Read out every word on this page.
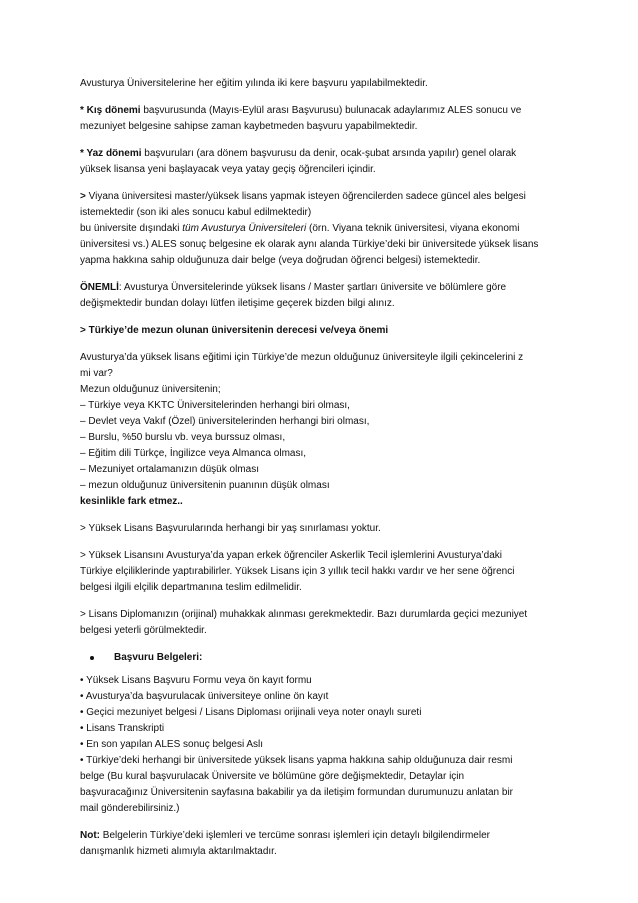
Avusturya Üniversitelerine her eğitim yılında iki kere başvuru yapılabilmektedir.

* Kış dönemi başvurusunda (Mayıs-Eylül arası Başvurusu) bulunacak adaylarımız ALES sonucu ve
mezuniyet belgesine sahipse zaman kaybetmeden başvuru yapabilmektedir.

* Yaz dönemi başvuruları (ara dönem başvurusu da denir, ocak-şubat arsında yapılır) genel olarak
yüksek lisansa yeni başlayacak veya yatay geçiş öğrencileri içindir.

> Viyana üniversitesi master/yüksek lisans yapmak isteyen öğrencilerden sadece güncel ales belgesi
istemektedir (son iki ales sonucu kabul edilmektedir)
bu üniversite dışındaki tüm Avusturya Üniversiteleri (örn. Viyana teknik üniversitesi, viyana ekonomi
üniversitesi vs.) ALES sonuç belgesine ek olarak aynı alanda Türkiye’deki bir üniversitede yüksek lisans
yapma hakkına sahip olduğunuza dair belge (veya doğrudan öğrenci belgesi) istemektedir.

ÖNEMLİ: Avusturya Ünversitelerinde yüksek lisans / Master şartları üniversite ve bölümlere göre
değişmektedir bundan dolayı lütfen iletişime geçerek bizden bilgi alınız.

> Türkiye’de mezun olunan üniversitenin derecesi ve/veya önemi

Avusturya’da yüksek lisans eğitimi için Türkiye’de mezun olduğunuz üniversiteyle ilgili çekincelerini z
mi var?
Mezun olduğunuz üniversitenin;
– Türkiye veya KKTC Üniversitelerinden herhangi biri olması,
– Devlet veya Vakıf (Özel) üniversitelerinden herhangi biri olması,
– Burslu, %50 burslu vb. veya burssuz olması,
– Eğitim dili Türkçe, İngilizce veya Almanca olması,
– Mezuniyet ortalamanızın düşük olması
– mezun olduğunuz üniversitenin puanının düşük olması
kesinlikle fark etmez..

> Yüksek Lisans Başvurularında herhangi bir yaş sınırlaması yoktur.

> Yüksek Lisansını Avusturya’da yapan erkek öğrenciler Askerlik Tecil işlemlerini Avusturya’daki
Türkiye elçiliklerinde yaptırabilirler. Yüksek Lisans için 3 yıllık tecil hakkı vardır ve her sene öğrenci
belgesi ilgili elçilik departmanına teslim edilmelidir.

> Lisans Diplomanızın (orijinal) muhakkak alınması gerekmektedir. Bazı durumlarda geçici mezuniyet
belgesi yeterli görülmektedir.

Başvuru Belgeleri:

• Yüksek Lisans Başvuru Formu veya ön kayıt formu
• Avusturya’da başvurulacak üniversiteye online ön kayıt
• Geçici mezuniyet belgesi / Lisans Diploması orijinali veya noter onaylı sureti
• Lisans Transkripti
• En son yapılan ALES sonuç belgesi Aslı
• Türkiye’deki herhangi bir üniversitede yüksek lisans yapma hakkına sahip olduğunuza dair resmi
belge (Bu kural başvurulacak Üniversite ve bölümüne göre değişmektedir, Detaylar için
başvuracağınız Üniversitenin sayfasına bakabilir ya da iletişim formundan durumunuzu anlatan bir
mail gönderebilirsiniz.)

Not: Belgelerin Türkiye’deki işlemleri ve tercüme sonrası işlemleri için detaylı bilgilendirmeler
danışmanlık hizmeti alımıyla aktarılmaktadır.
